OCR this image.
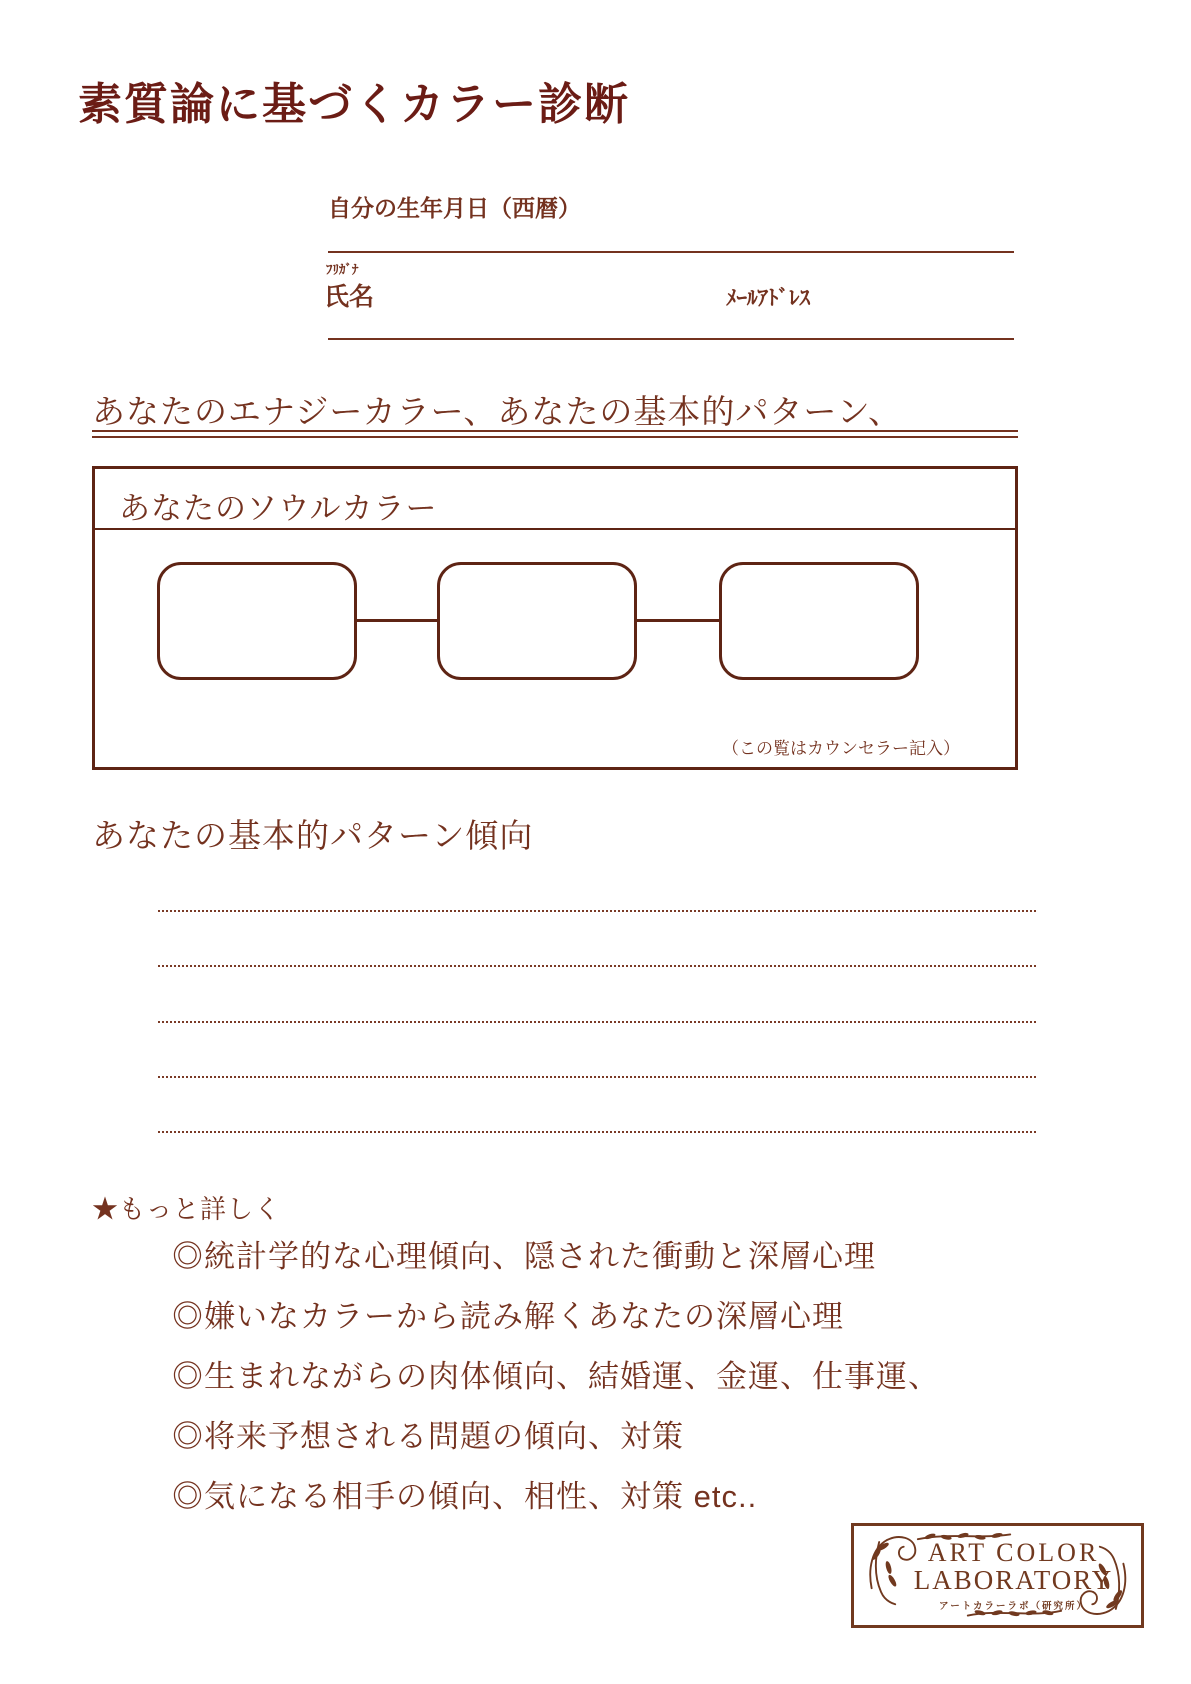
素質論に基づくカラー診断
自分の生年月日（西暦）
ﾌﾘｶﾞﾅ
氏名	ﾒｰﾙｱﾄﾞﾚｽ
あなたのエナジーカラー、あなたの基本的パターン、
あなたのソウルカラー
（この覧はカウンセラー記入）
あなたの基本的パターン傾向
★もっと詳しく
◎統計学的な心理傾向、隠された衝動と深層心理
◎嫌いなカラーから読み解くあなたの深層心理
◎生まれながらの肉体傾向、結婚運、金運、仕事運、
◎将来予想される問題の傾向、対策
◎気になる相手の傾向、相性、対策 etc..
ART COLOR
LABORATORY
アートカラーラボ（研究所）
